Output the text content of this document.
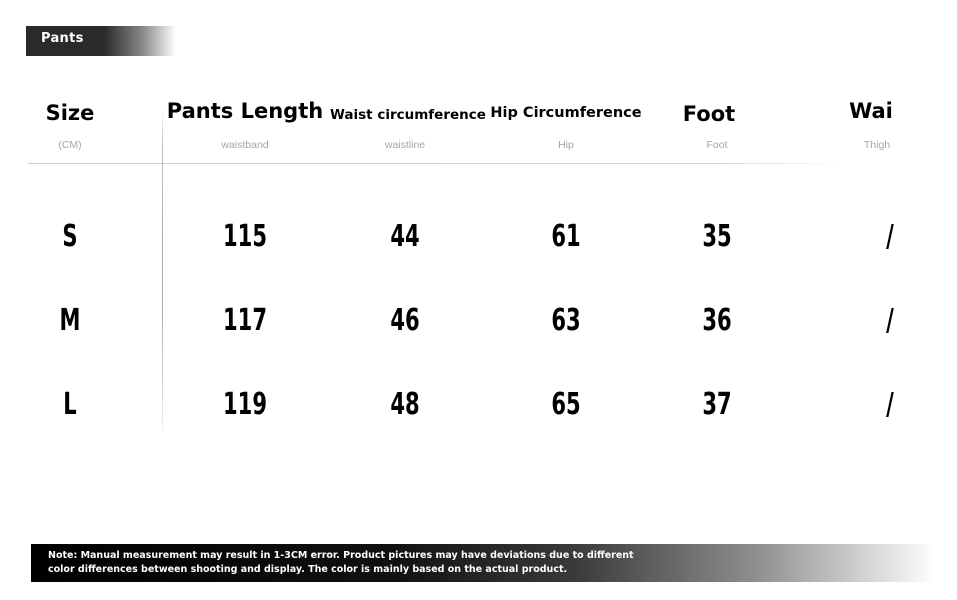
Pants
Size
(CM)
S
M
L
Pants Length
waistband
115
117
119
Waist circumference
waistline
44
46
48
Hip Circumference
Hip
61
63
65
Foot
Foot
35
36
37
Wai
Thigh
/
/
/
Note: Manual measurement may result in 1-3CM error. Product pictures may have deviations due to different
color differences between shooting and display. The color is mainly based on the actual product.
